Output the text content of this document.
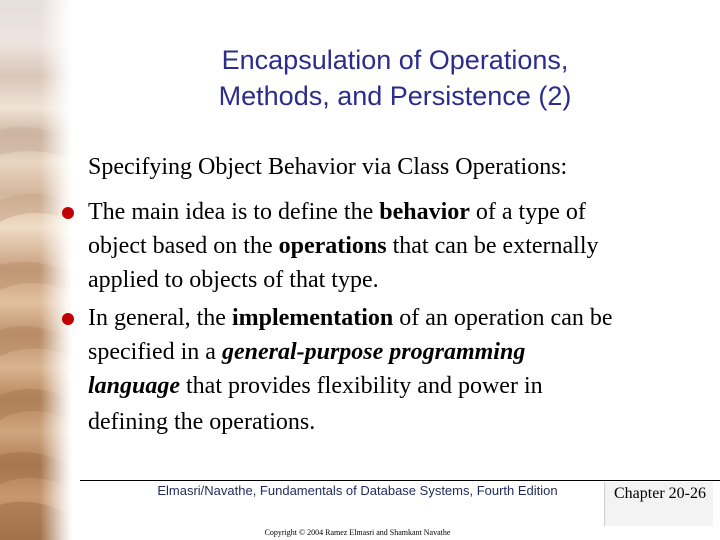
Encapsulation of Operations,
Methods, and Persistence (2)
Specifying Object Behavior via Class Operations:
The main idea is to define the behavior of a type of
object based on the operations that can be externally
applied to objects of that type.
In general, the implementation of an operation can be
specified in a general-purpose programming
language that provides flexibility and power in
defining the operations.
Elmasri/Navathe, Fundamentals of Database Systems, Fourth Edition
Copyright © 2004 Ramez Elmasri and Shamkant Navathe
Chapter 20-26
